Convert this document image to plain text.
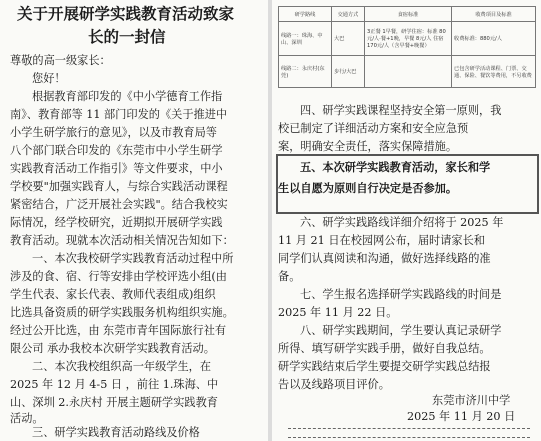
关于开展研学实践教育活动致家
长的一封信
尊敬的高一级家长：
您好！
根据教育部印发的《中小学德育工作指
南》、教育部等 11 部门印发的《关于推进中
小学生研学旅行的意见》，以及市教育局等
八个部门联合印发的《东莞市中小学生研学
实践教育活动工作指引》等文件要求，中小
学校要"加强实践育人，与综合实践活动课程
紧密结合，广泛开展社会实践"。结合我校实
际情况，经学校研究，近期拟开展研学实践
教育活动。现就本次活动相关情况告知如下：
一、本次我校研学实践教育活动过程中所
涉及的食、宿、行等安排由学校评选小组(由
学生代表、家长代表、教师代表组成)组织
比选具备资质的研学实践服务机构组织实施。
经过公开比选，由 东莞市青年国际旅行社有
限公司 承办我校本次研学实践教育活动。
二、本次我校组织高一年级学生，在
2025 年 12 月 4-5 日 ，前往 1.珠海、中
山、深圳 2.永庆村 开展主题研学实践教育
活动。
三、研学实践教育活动路线及价格
研学路线	交通方式	食宿标准	收费项目及标准
线路一：珠海、中山、深圳	大巴	3正餐 1早餐，研学住宿：标准 80元/人·餐+1晚，早餐 8元/人 住宿 170元/人（含早餐+晚餐）	收费标准：880元/人
线路二：永庆村(东莞)	步行/大巴		已包含研学活动课程、门票、交通、保险、餐饮等费用，不另收费
四、研学实践课程坚持安全第一原则，我
校已制定了详细活动方案和安全应急预
案，明确安全责任，落实保障措施。
五、本次研学实践教育活动，家长和学
生以自愿为原则自行决定是否参加。
六、研学实践路线详细介绍将于 2025 年
11 月 21 日在校园网公布，届时请家长和
同学们认真阅读和沟通，做好选择线路的准
备。
七、学生报名选择研学实践路线的时间是
2025 年 11 月 22 日。
八、研学实践期间，学生要认真记录研学
所得、填写研学实践手册，做好自我总结。
研学实践结束后学生要提交研学实践总结报
告以及线路项目评价。
东莞市济川中学
2025 年 11 月 20 日
